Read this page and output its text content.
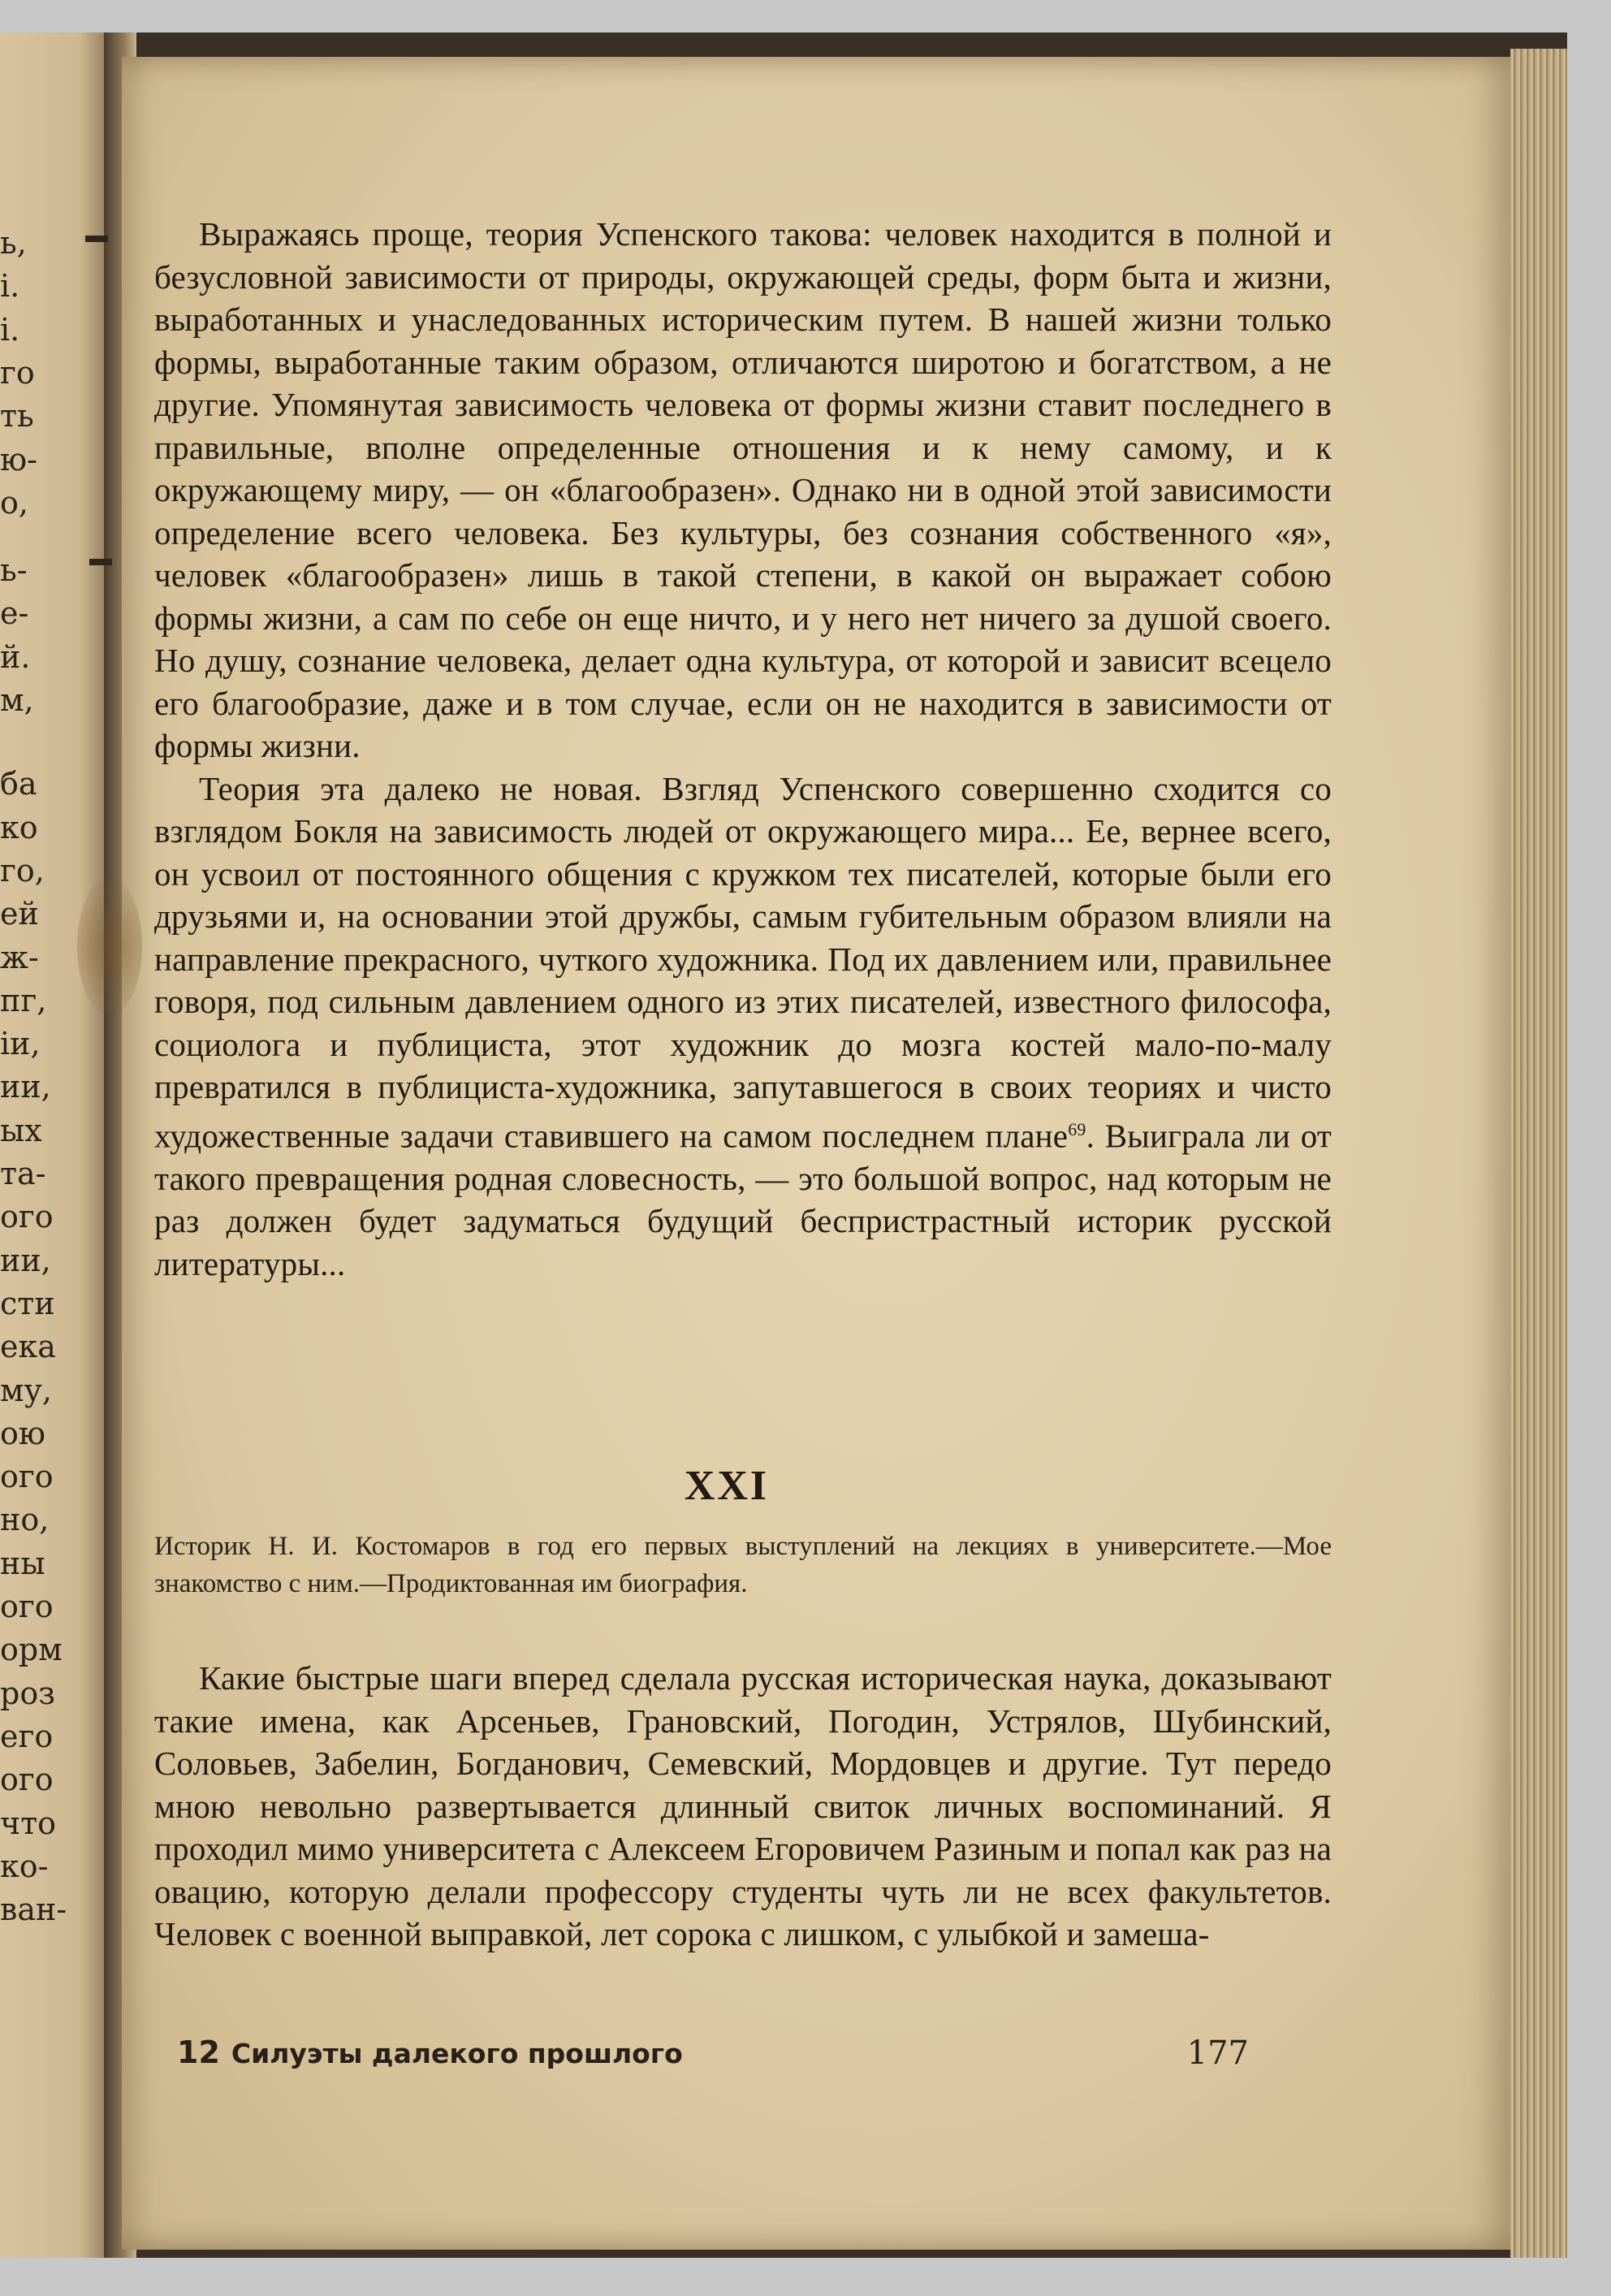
ь,
і.
і.
го
ть
ю-
о,
ь-
е-
й.
м,
ба
ко
го,
ей
ж-
пг,
іи,
ии,
ых
та-
ого
ии,
сти
ека
му,
ою
ого
но,
ны
ого
орм
роз
его
ого
что
ко-
ван-

Выражаясь проще, теория Успенского такова: человек находится в полной и безусловной зависимости от природы, окружающей среды, форм быта и жизни, выработанных и унаследованных историческим путем. В нашей жизни только формы, выработанные таким образом, отличаются широтою и богатством, а не другие. Упомянутая зависимость человека от формы жизни ставит последнего в правильные, вполне определенные отношения и к нему самому, и к окружающему миру, — он «благообразен». Однако ни в одной этой зависимости определение всего человека. Без культуры, без сознания собственного «я», человек «благообразен» лишь в такой степени, в какой он выражает собою формы жизни, а сам по себе он еще ничто, и у него нет ничего за душой своего. Но душу, сознание человека, делает одна культура, от которой и зависит всецело его благообразие, даже и в том случае, если он не находится в зависимости от формы жизни.

Теория эта далеко не новая. Взгляд Успенского совершенно сходится со взглядом Бокля на зависимость людей от окружающего мира... Ее, вернее всего, он усвоил от постоянного общения с кружком тех писателей, которые были его друзьями и, на основании этой дружбы, самым губительным образом влияли на направление прекрасного, чуткого художника. Под их давлением или, правильнее говоря, под сильным давлением одного из этих писателей, известного философа, социолога и публициста, этот художник до мозга костей мало-по-малу превратился в публициста-художника, запутавшегося в своих теориях и чисто художественные задачи ставившего на самом последнем плане$^{69}$. Выиграла ли от такого превращения родная словесность, — это большой вопрос, над которым не раз должен будет задуматься будущий беспристрастный историк русской литературы...

XXI

Историк Н. И. Костомаров в год его первых выступлений на лекциях в университете.—Мое знакомство с ним.—Продиктованная им биография.

Какие быстрые шаги вперед сделала русская историческая наука, доказывают такие имена, как Арсеньев, Грановский, Погодин, Устрялов, Шубинский, Соловьев, Забелин, Богданович, Семевский, Мордовцев и другие. Тут передо мною невольно развертывается длинный свиток личных воспоминаний. Я проходил мимо университета с Алексеем Егоровичем Разиным и попал как раз на овацию, которую делали профессору студенты чуть ли не всех факультетов. Человек с военной выправкой, лет сорока с лишком, с улыбкой и замеша-

12 Силуэты далекого прошлого	177
